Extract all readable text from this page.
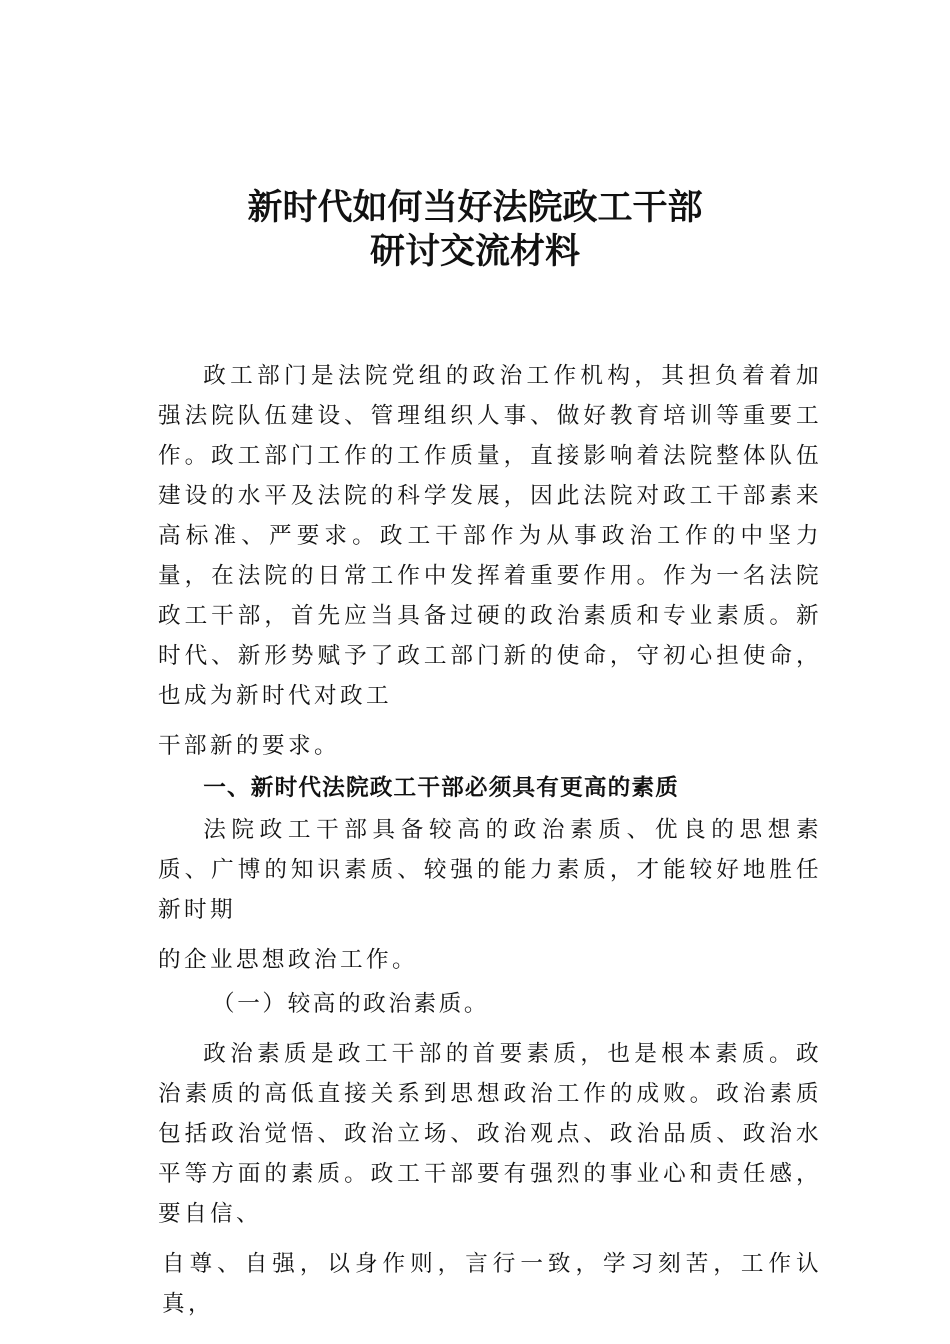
新时代如何当好法院政工干部

研讨交流材料

政工部门是法院党组的政治工作机构，其担负着着加强法院队伍建设、管理组织人事、做好教育培训等重要工作。政工部门工作的工作质量，直接影响着法院整体队伍建设的水平及法院的科学发展，因此法院对政工干部素来高标准、严要求。政工干部作为从事政治工作的中坚力量，在法院的日常工作中发挥着重要作用。作为一名法院政工干部，首先应当具备过硬的政治素质和专业素质。新时代、新形势赋予了政工部门新的使命，守初心担使命，也成为新时代对政工

干部新的要求。

一、新时代法院政工干部必须具有更高的素质

法院政工干部具备较高的政治素质、优良的思想素质、广博的知识素质、较强的能力素质，才能较好地胜任新时期

的企业思想政治工作。

（一）较高的政治素质。

政治素质是政工干部的首要素质，也是根本素质。政治素质的高低直接关系到思想政治工作的成败。政治素质包括政治觉悟、政治立场、政治观点、政治品质、政治水平等方面的素质。政工干部要有强烈的事业心和责任感，要自信、

自尊、自强，以身作则，言行一致，学习刻苦，工作认真，
